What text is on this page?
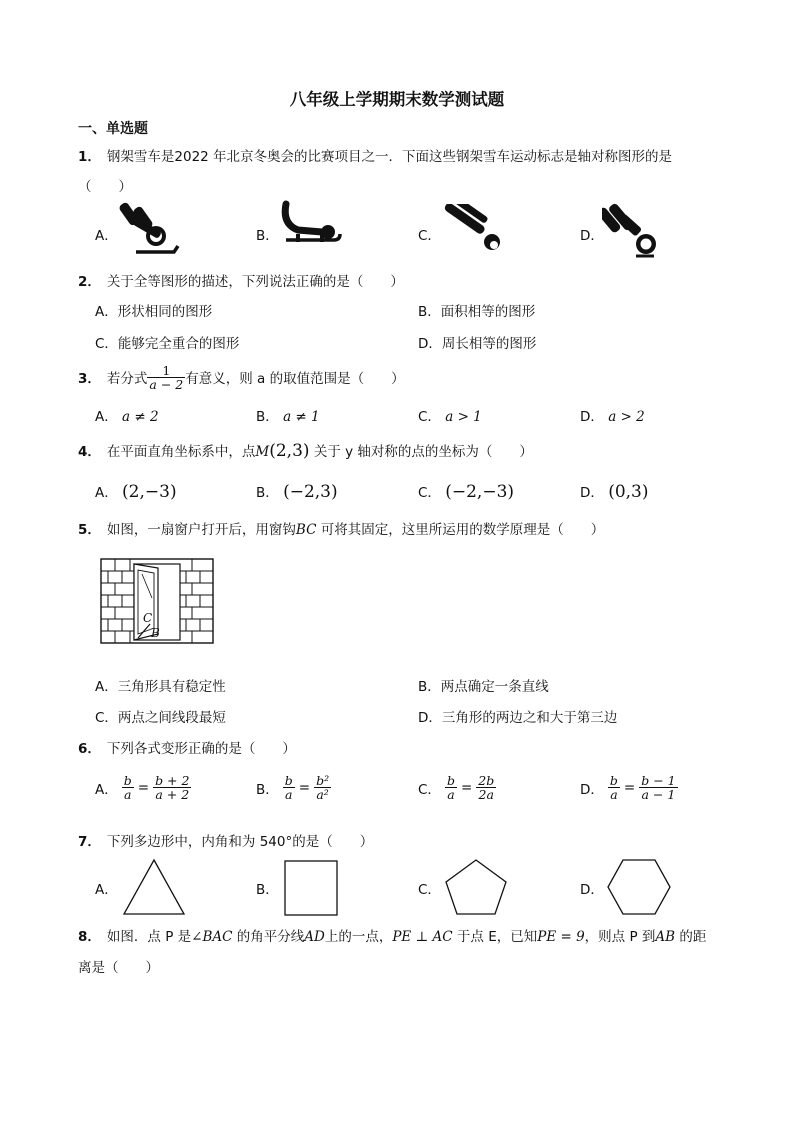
八年级上学期期末数学测试题
一、单选题
1． 钢架雪车是2022 年北京冬奥会的比赛项目之一．下面这些钢架雪车运动标志是轴对称图形的是
（　　）
A．	B．	C．	D．
2． 关于全等图形的描述，下列说法正确的是（　　）
A．形状相同的图形	B．面积相等的图形
C．能够完全重合的图形	D．周长相等的图形
3． 若分式 $\frac{1}{a - 2}$ 有意义，则 a 的取值范围是（　　）
A． a ≠ 2	B． a ≠ 1	C． a > 1	D． a > 2
4． 在平面直角坐标系中，点M(2,3) 关于 y 轴对称的点的坐标为（　　）
A． (2,−3)	B． (−2,3)	C． (−2,−3)	D． (0,3)
5． 如图，一扇窗户打开后，用窗钩BC 可将其固定，这里所运用的数学原理是（　　）
C
B
A．三角形具有稳定性	B．两点确定一条直线
C．两点之间线段最短	D．三角形的两边之和大于第三边
6． 下列各式变形正确的是（　　）
A． $\frac{b}{a} = \frac{b + 2}{a + 2}$	B． $\frac{b}{a} = \frac{\text{b²}}{\text{a²}}$	C． $\frac{b}{a} = \frac{2b}{2a}$	D． $\frac{b}{a} = \frac{b - 1}{a - 1}$
7． 下列多边形中，内角和为 540°的是（　　）
A．	B．	C．	D．
8． 如图．点 P 是∠BAC 的角平分线AD上的一点，PE ⊥ AC 于点 E，已知PE = 9，则点 P 到AB 的距
离是（　　）
